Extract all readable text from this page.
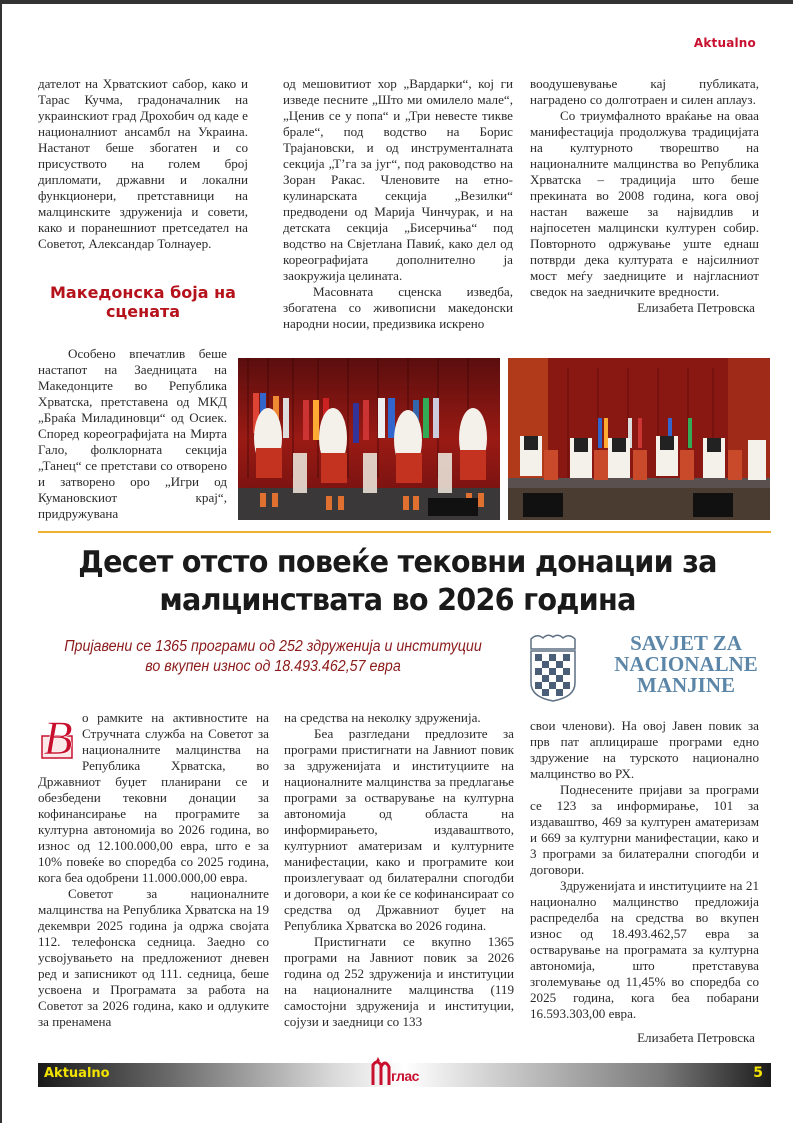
Aktualno

дателот на Хрватскиот сабор, како и Тарас Кучма, градоначалник на украинскиот град Дрохобич од каде е националниот ансамбл на Украина. Настанот беше збогатен и со присуството на голем број дипломати, државни и локални функционери, претставници на малцинските здруженија и совети, како и поранешниот претседател на Советот, Александар Толнауер.

Македонска боја на сцената

Особено впечатлив беше настапот на Заедницата на Македонците во Република Хрватска, претставена од МКД „Браќа Миладиновци“ од Осиек. Според кореографијата на Мирта Гало, фолклорната секција „Танец“ се претстави со отворено и затворено оро „Игри од Кумановскиот крај“, придружувана

од мешовитиот хор „Вардарки“, кој ги изведе песните „Што ми омилело мале“, „Ценив се у попа“ и „Три невесте тикве брале“, под водство на Борис Трајановски, и од инструменталната секција „Т’га за југ“, под раководство на Зоран Ракас. Членовите на етно-кулинарската секција „Везилки“ предводени од Марија Чинчурак, и на детската секција „Бисерчиња“ под водство на Свјетлана Павиќ, како дел од кореографијата дополнително ја заокружија целината.

Масовната сценска изведба, збогатена со живописни македонски народни носии, предизвика искрено

воодушевување кај публиката, наградено со долготраен и силен аплауз.

Со триумфалното враќање на оваа манифестација продолжува традицијата на културното творештво на националните малцинства во Република Хрватска – традиција што беше прекината во 2008 година, кога овој настан важеше за највидлив и најпосетен малцински културен собир. Повторното одржување уште еднаш потврди дека културата е најсилниот мост меѓу заедниците и најгласниот сведок на заедничките вредности.

Елизабета Петровска

Десет отсто повеќе тековни донации за малцинствата во 2026 година
Пријавени се 1365 програми од 252 здруженија и институции
во вкупен износ од 18.493.462,57 евра
SAVJET ZA
NACIONALNE
MANJINE
В о рамките на активностите на Стручната служба на Советот за националните малцинства на Република Хрватска, во Државниот буџет планирани се и обезбедени тековни донации за кофинансирање на програмите за културна автономија во 2026 година, во износ од 12.100.000,00 евра, што е за 10% повеќе во споредба со 2025 година, кога беа одобрени 11.000.000,00 евра.

Советот за националните малцинства на Република Хрватска на 19 декември 2025 година ја одржа својата 112. телефонска седница. Заедно со усвојувањето на предложениот дневен ред и записникот од 111. седница, беше усвоена и Програмата за работа на Советот за 2026 година, како и одлуките за пренамена

на средства на неколку здруженија.

Беа разгледани предлозите за програми пристигнати на Јавниот повик за здруженијата и институциите на националните малцинства за предлагање програми за остварување на културна автономија од областа на информирањето, издаваштвото, културниот аматеризам и културните манифестации, како и програмите кои произлегуваат од билатерални спогодби и договори, а кои ќе се кофинансираат со средства од Државниот буџет на Република Хрватска во 2026 година.

Пристигнати се вкупно 1365 програми на Јавниот повик за 2026 година од 252 здруженија и институции на националните малцинства (119 самостојни здруженија и институции, сојузи и заедници со 133

свои членови). На овој Јавен повик за прв пат аплицираше програми едно здружение на турското национално малцинство во РХ.

Поднесените пријави за програми се 123 за информирање, 101 за издаваштво, 469 за културен аматеризам и 669 за културни манифестации, како и 3 програми за билатерални спогодби и договори.

Здруженијата и институциите на 21 национално малцинство предложија распределба на средства во вкупен износ од 18.493.462,57 евра за остварување на програмата за културна автономија, што претставува зголемување од 11,45% во споредба со 2025 година, кога беа побарани 16.593.303,00 евра.

Елизабета Петровска

Aktualno	глас	5
